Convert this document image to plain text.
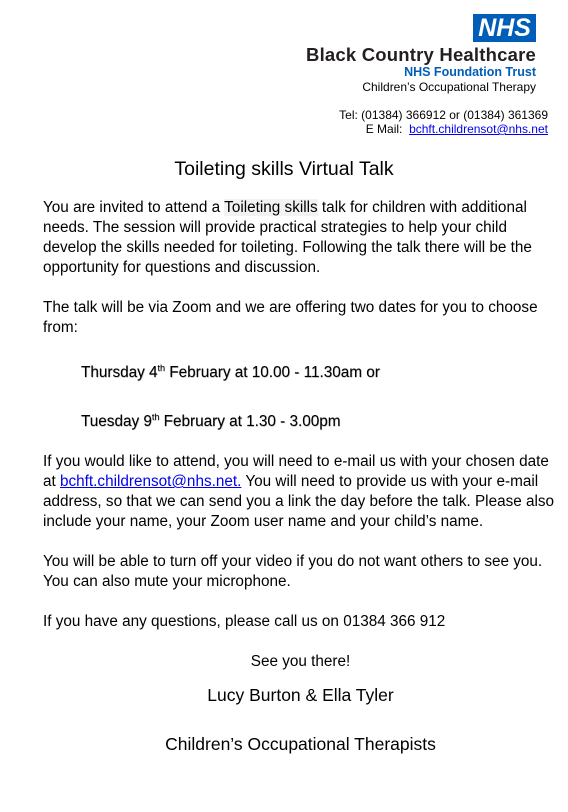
NHS
Black Country Healthcare
NHS Foundation Trust
Children’s Occupational Therapy
Tel: (01384) 366912 or (01384) 361369
E Mail: bchft.childrensot@nhs.net
Toileting skills Virtual Talk

You are invited to attend a Toileting skills talk for children with additional needs. The session will provide practical strategies to help your child develop the skills needed for toileting. Following the talk there will be the opportunity for questions and discussion.

The talk will be via Zoom and we are offering two dates for you to choose from:

Thursday 4th February at 10.00 - 11.30am or

Tuesday 9th February at 1.30 - 3.00pm

If you would like to attend, you will need to e-mail us with your chosen date at bchft.childrensot@nhs.net. You will need to provide us with your e-mail address, so that we can send you a link the day before the talk. Please also include your name, your Zoom user name and your child’s name.

You will be able to turn off your video if you do not want others to see you. You can also mute your microphone.

If you have any questions, please call us on 01384 366 912

See you there!

Lucy Burton & Ella Tyler

Children’s Occupational Therapists
